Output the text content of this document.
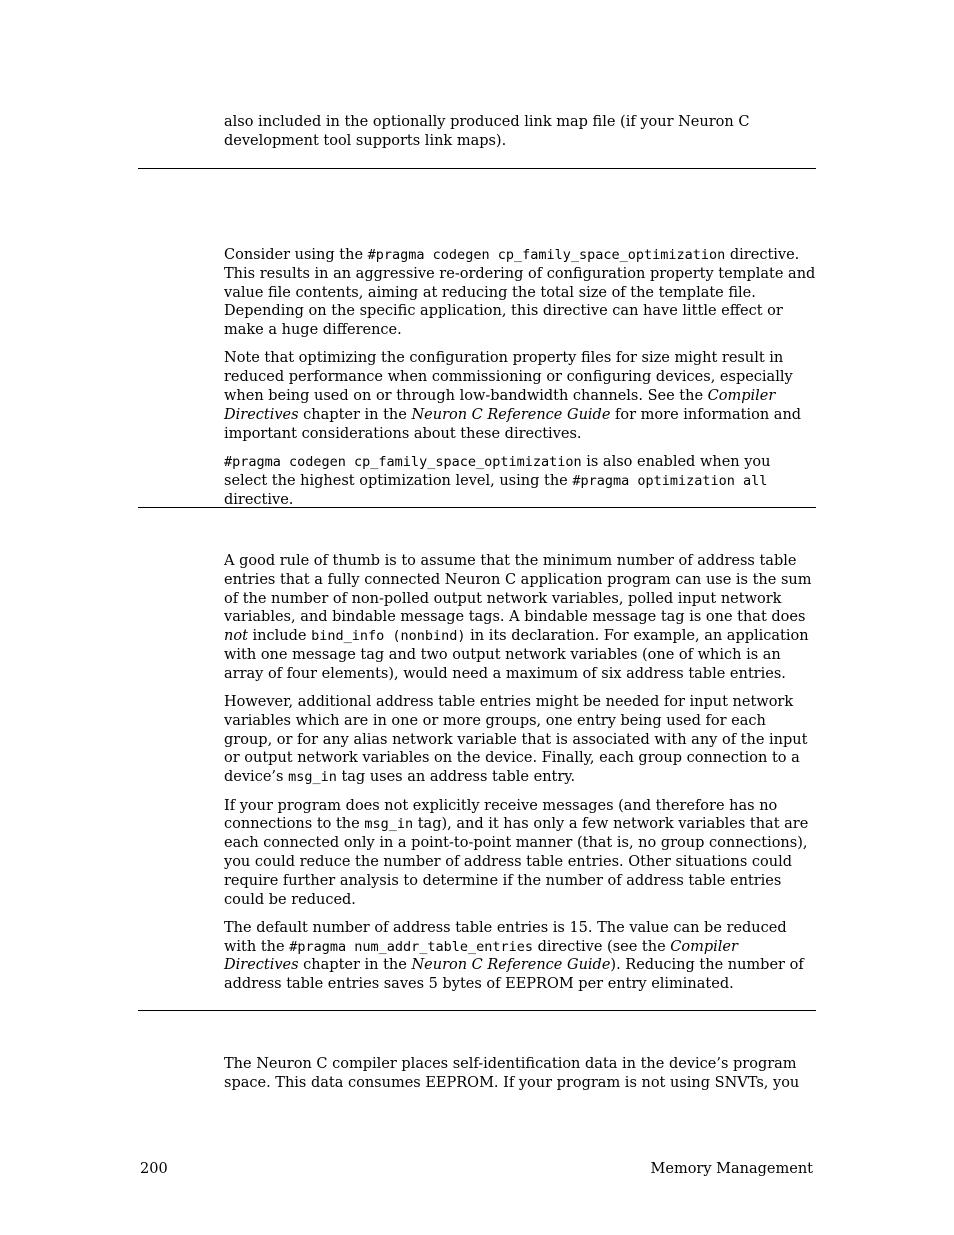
also included in the optionally produced link map file (if your Neuron C development tool supports link maps).

Consider using the #pragma codegen cp_family_space_optimization directive. This results in an aggressive re-ordering of configuration property template and value file contents, aiming at reducing the total size of the template file. Depending on the specific application, this directive can have little effect or make a huge difference.

Note that optimizing the configuration property files for size might result in reduced performance when commissioning or configuring devices, especially when being used on or through low-bandwidth channels. See the Compiler Directives chapter in the Neuron C Reference Guide for more information and important considerations about these directives.

#pragma codegen cp_family_space_optimization is also enabled when you select the highest optimization level, using the #pragma optimization all directive.

A good rule of thumb is to assume that the minimum number of address table entries that a fully connected Neuron C application program can use is the sum of the number of non-polled output network variables, polled input network variables, and bindable message tags. A bindable message tag is one that does not include bind_info (nonbind) in its declaration. For example, an application with one message tag and two output network variables (one of which is an array of four elements), would need a maximum of six address table entries.

However, additional address table entries might be needed for input network variables which are in one or more groups, one entry being used for each group, or for any alias network variable that is associated with any of the input or output network variables on the device. Finally, each group connection to a device’s msg_in tag uses an address table entry.

If your program does not explicitly receive messages (and therefore has no connections to the msg_in tag), and it has only a few network variables that are each connected only in a point-to-point manner (that is, no group connections), you could reduce the number of address table entries. Other situations could require further analysis to determine if the number of address table entries could be reduced.

The default number of address table entries is 15. The value can be reduced with the #pragma num_addr_table_entries directive (see the Compiler Directives chapter in the Neuron C Reference Guide). Reducing the number of address table entries saves 5 bytes of EEPROM per entry eliminated.

The Neuron C compiler places self-identification data in the device’s program space. This data consumes EEPROM. If your program is not using SNVTs, you

200	Memory Management
